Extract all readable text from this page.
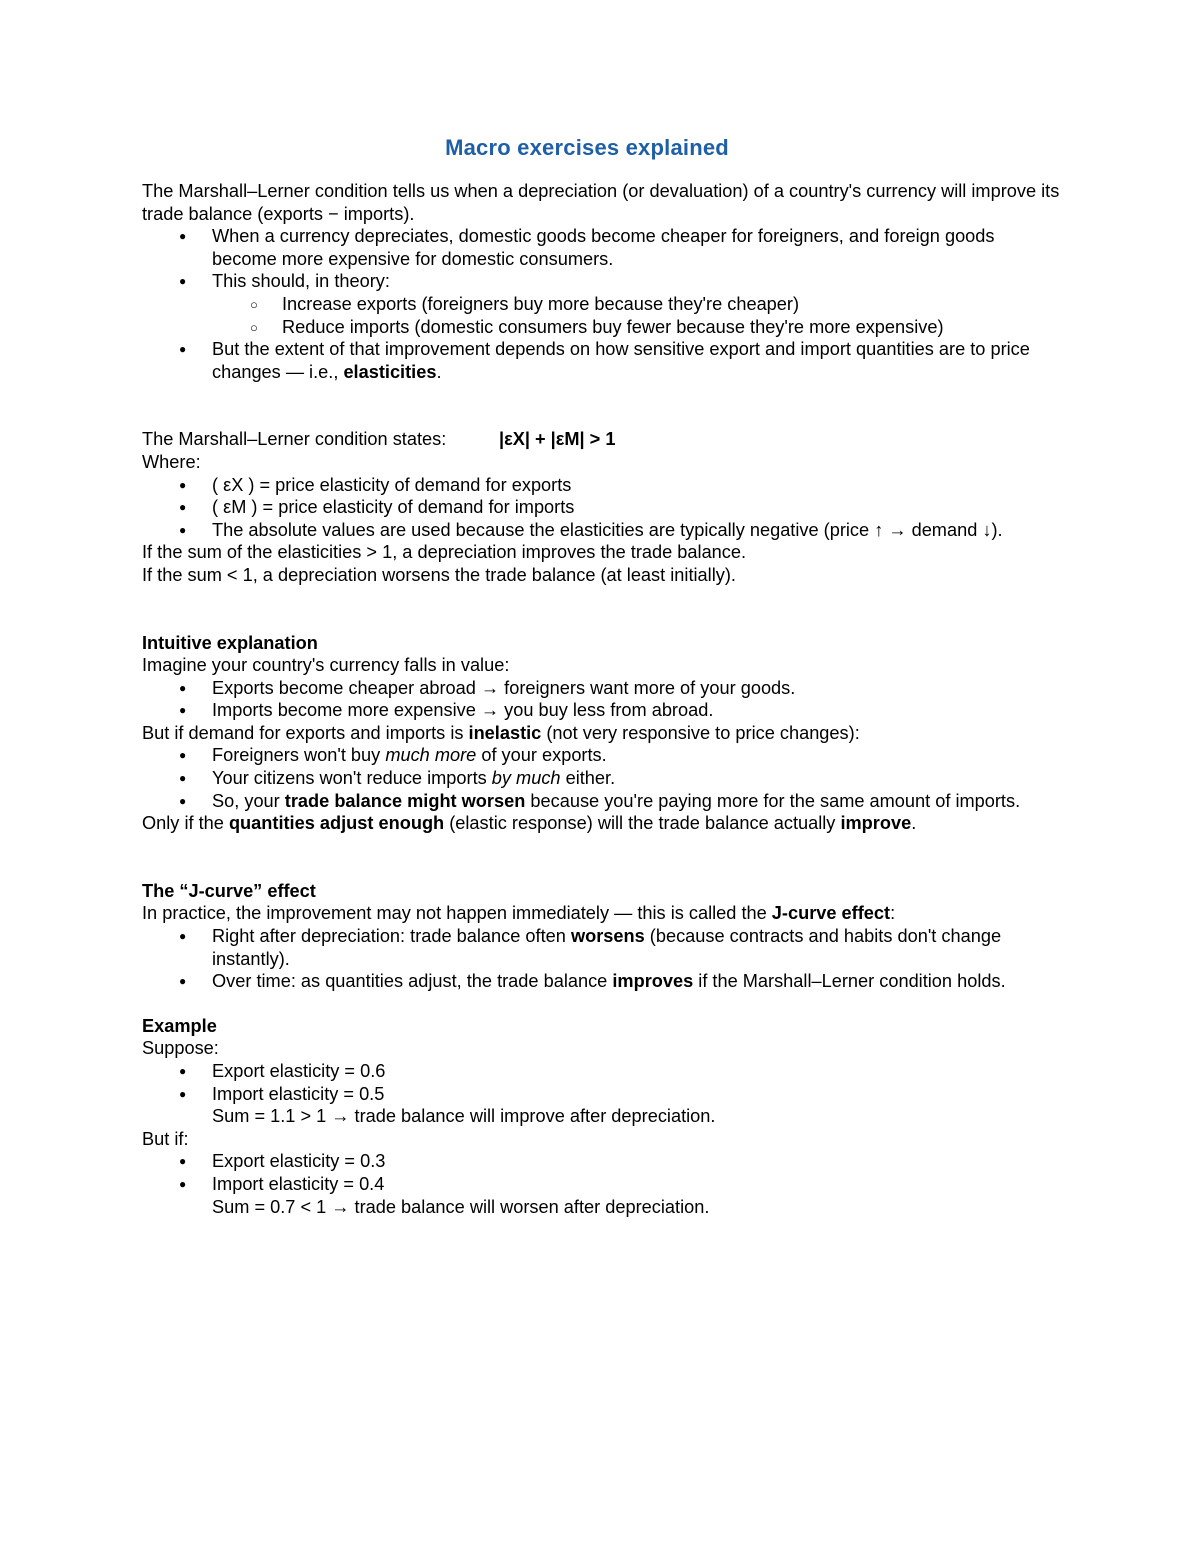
Macro exercises explained

The Marshall–Lerner condition tells us when a depreciation (or devaluation) of a country's currency will improve its trade balance (exports − imports).

● When a currency depreciates, domestic goods become cheaper for foreigners, and foreign goods become more expensive for domestic consumers.
● This should, in theory:
○ Increase exports (foreigners buy more because they're cheaper)
○ Reduce imports (domestic consumers buy fewer because they're more expensive)
● But the extent of that improvement depends on how sensitive export and import quantities are to price changes — i.e., elasticities.

The Marshall–Lerner condition states:	|εX| + |εM| > 1

Where:

● ( εX ) = price elasticity of demand for exports
● ( εM ) = price elasticity of demand for imports
● The absolute values are used because the elasticities are typically negative (price ↑ → demand ↓).

If the sum of the elasticities > 1, a depreciation improves the trade balance.

If the sum < 1, a depreciation worsens the trade balance (at least initially).

Intuitive explanation

Imagine your country's currency falls in value:

● Exports become cheaper abroad → foreigners want more of your goods.
● Imports become more expensive → you buy less from abroad.

But if demand for exports and imports is inelastic (not very responsive to price changes):

● Foreigners won't buy much more of your exports.
● Your citizens won't reduce imports by much either.
● So, your trade balance might worsen because you're paying more for the same amount of imports.

Only if the quantities adjust enough (elastic response) will the trade balance actually improve.

The “J-curve” effect

In practice, the improvement may not happen immediately — this is called the J-curve effect:

● Right after depreciation: trade balance often worsens (because contracts and habits don't change instantly).
● Over time: as quantities adjust, the trade balance improves if the Marshall–Lerner condition holds.

Example

Suppose:

● Export elasticity = 0.6
● Import elasticity = 0.5

Sum = 1.1 > 1 → trade balance will improve after depreciation.

But if:

● Export elasticity = 0.3
● Import elasticity = 0.4

Sum = 0.7 < 1 → trade balance will worsen after depreciation.
